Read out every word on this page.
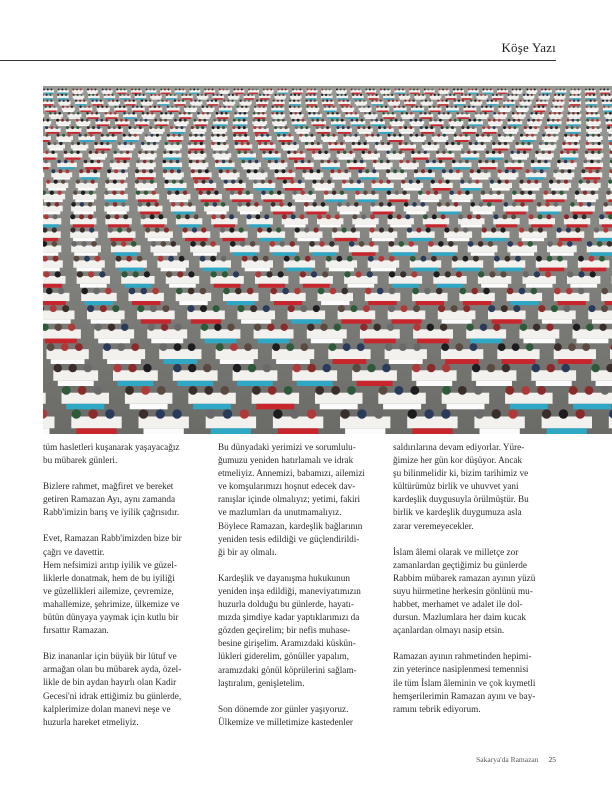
Köşe Yazı

tüm hasletleri kuşanarak yaşayacağız
bu mübarek günleri.

Bizlere rahmet, mağfiret ve bereket
getiren Ramazan Ayı, aynı zamanda
Rabb'imizin barış ve iyilik çağrısıdır.

Evet, Ramazan Rabb'imizden bize bir
çağrı ve davettir.
Hem nefsimizi arıtıp iyilik ve güzel-
liklerle donatmak, hem de bu iyiliği
ve güzellikleri ailemize, çevremize,
mahallemize, şehrimize, ülkemize ve
bütün dünyaya yaymak için kutlu bir
fırsattır Ramazan.

Biz inananlar için büyük bir lütuf ve
armağan olan bu mübarek ayda, özel-
likle de bin aydan hayırlı olan Kadir
Gecesi'ni idrak ettiğimiz bu günlerde,
kalplerimize dolan manevi neşe ve
huzurla hareket etmeliyiz.

Bu dünyadaki yerimizi ve sorumlulu-
ğumuzu yeniden hatırlamalı ve idrak
etmeliyiz. Annemizi, babamızı, ailemizi
ve komşularımızı hoşnut edecek dav-
ranışlar içinde olmalıyız; yetimi, fakiri
ve mazlumları da unutmamalıyız.
Böylece Ramazan, kardeşlik bağlarının
yeniden tesis edildiği ve güçlendirildi-
ği bir ay olmalı.

Kardeşlik ve dayanışma hukukunun
yeniden inşa edildiği, maneviyatımızın
huzurla dolduğu bu günlerde, hayatı-
mızda şimdiye kadar yaptıklarımızı da
gözden geçirelim; bir nefis muhase-
besine girişelim. Aramızdaki küskün-
lükleri giderelim, gönüller yapalım,
aramızdaki gönül köprülerini sağlam-
laştıralım, genişletelim.

Son dönemde zor günler yaşıyoruz.
Ülkemize ve milletimize kastedenler

saldırılarına devam ediyorlar. Yüre-
ğimize her gün kor düşüyor. Ancak
şu bilinmelidir ki, bizim tarihimiz ve
kültürümüz birlik ve uhuvvet yani
kardeşlik duygusuyla örülmüştür. Bu
birlik ve kardeşlik duygumuza asla
zarar veremeyecekler.

İslam âlemi olarak ve milletçe zor
zamanlardan geçtiğimiz bu günlerde
Rabbim mübarek ramazan ayının yüzü
suyu hürmetine herkesin gönlünü mu-
habbet, merhamet ve adalet ile dol-
dursun. Mazlumlara her daim kucak
açanlardan olmayı nasip etsin.

Ramazan ayının rahmetinden hepimi-
zin yeterince nasiplenmesi temennisi
ile tüm İslam âleminin ve çok kıymetli
hemşerilerimin Ramazan ayını ve bay-
ramını tebrik ediyorum.

Sakarya'da Ramazan 25
